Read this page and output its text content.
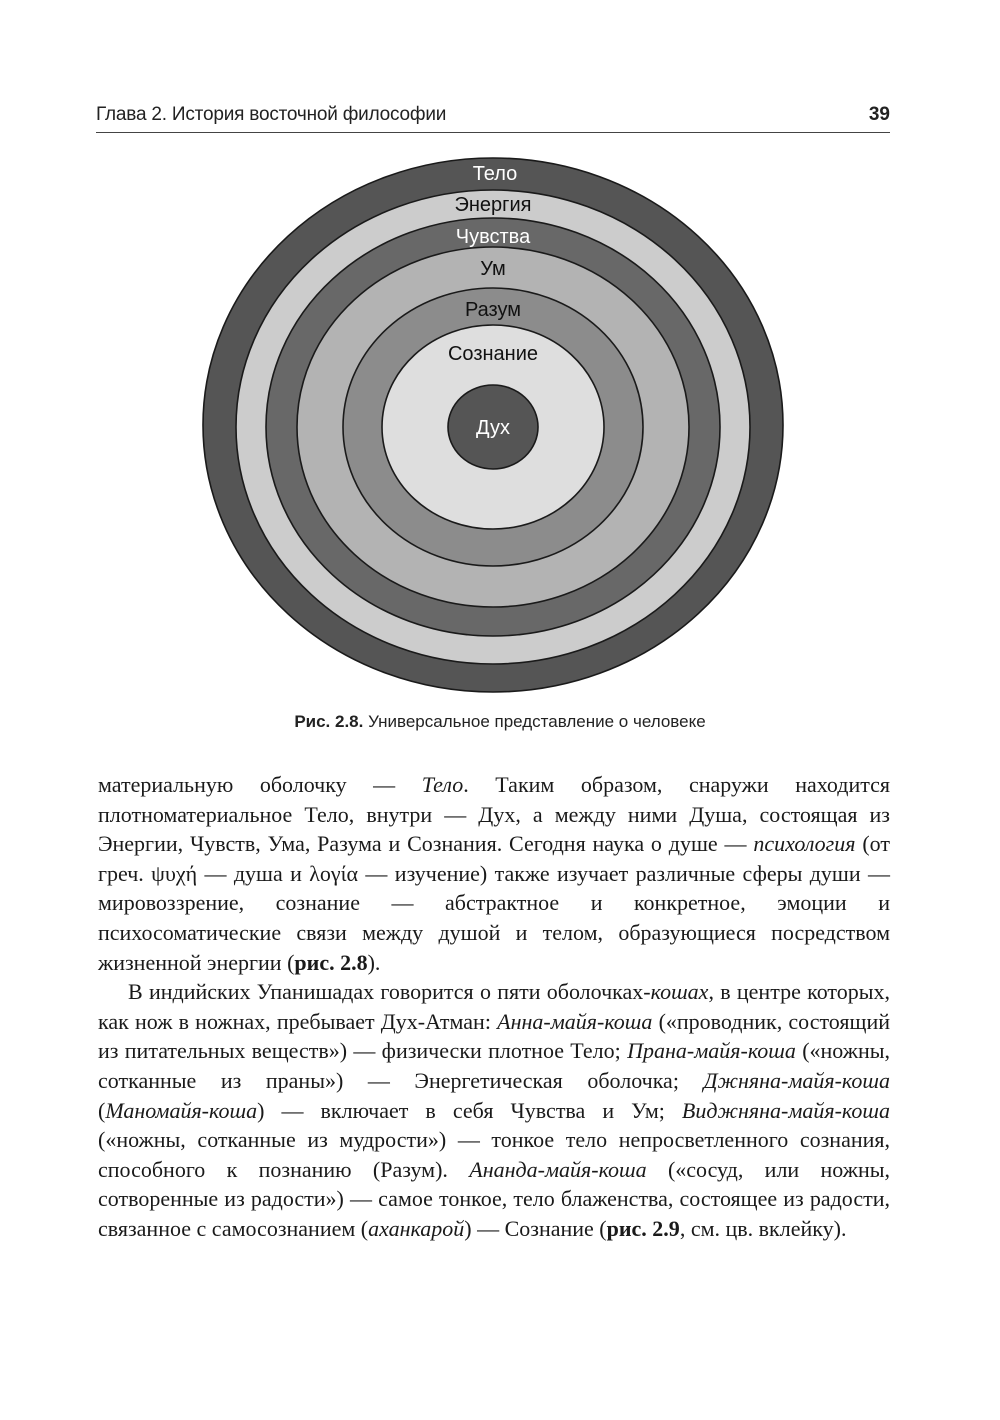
Глава 2. История восточной философии	39
Тело
Энергия
Чувства
Ум
Разум
Сознание
Дух
Рис. 2.8. Универсальное представление о человеке

материальную оболочку — Тело. Таким образом, снаружи находится плотноматериальное Тело, внутри — Дух, а между ними Душа, состоящая из Энергии, Чувств, Ума, Разума и Сознания. Сегодня наука о душе — психология (от греч. ψυχή — душа и λογία — изучение) также изучает различные сферы души — мировоззрение, сознание — абстрактное и конкретное, эмоции и психосоматические связи между душой и телом, образующиеся посредством жизненной энергии (рис. 2.8).

В индийских Упанишадах говорится о пяти оболочках-кошах, в центре которых, как нож в ножнах, пребывает Дух-Атман: Анна-майя-коша («проводник, состоящий из питательных веществ») — физически плотное Тело; Прана-майя-коша («ножны, сотканные из праны») — Энергетическая оболочка; Джняна-майя-коша (Маномайя-коша) — включает в себя Чувства и Ум; Виджняна-майя-коша («ножны, сотканные из мудрости») — тонкое тело непросветленного сознания, способного к познанию (Разум). Ананда-майя-коша («сосуд, или ножны, сотворенные из радости») — самое тонкое, тело блаженства, состоящее из радости, связанное с самосознанием (аханкарой) — Сознание (рис. 2.9, см. цв. вклейку).
